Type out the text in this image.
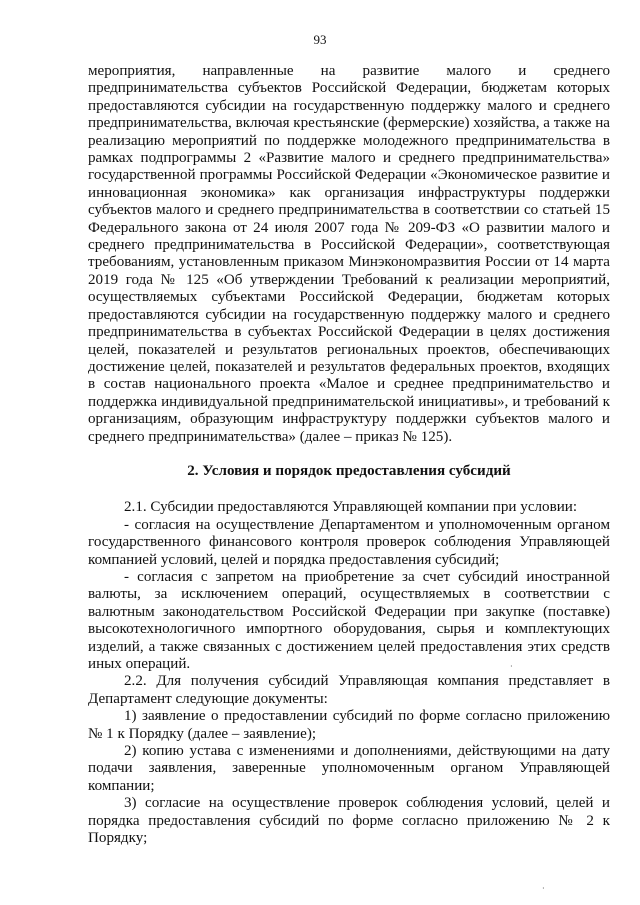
93

мероприятия, направленные на развитие малого и среднего предпринимательства субъектов Российской Федерации, бюджетам которых предоставляются субсидии на государственную поддержку малого и среднего предпринимательства, включая крестьянские (фермерские) хозяйства, а также на реализацию мероприятий по поддержке молодежного предпринимательства в рамках подпрограммы 2 «Развитие малого и среднего предпринимательства» государственной программы Российской Федерации «Экономическое развитие и инновационная экономика» как организация инфраструктуры поддержки субъектов малого и среднего предпринимательства в соответствии со статьей 15 Федерального закона от 24 июля 2007 года № 209-ФЗ «О развитии малого и среднего предпринимательства в Российской Федерации», соответствующая требованиям, установленным приказом Минэкономразвития России от 14 марта 2019 года № 125 «Об утверждении Требований к реализации мероприятий, осуществляемых субъектами Российской Федерации, бюджетам которых предоставляются субсидии на государственную поддержку малого и среднего предпринимательства в субъектах Российской Федерации в целях достижения целей, показателей и результатов региональных проектов, обеспечивающих достижение целей, показателей и результатов федеральных проектов, входящих в состав национального проекта «Малое и среднее предпринимательство и поддержка индивидуальной предпринимательской инициативы», и требований к организациям, образующим инфраструктуру поддержки субъектов малого и среднего предпринимательства» (далее – приказ № 125).

2. Условия и порядок предоставления субсидий

2.1. Субсидии предоставляются Управляющей компании при условии:

- согласия на осуществление Департаментом и уполномоченным органом государственного финансового контроля проверок соблюдения Управляющей компанией условий, целей и порядка предоставления субсидий;

- согласия с запретом на приобретение за счет субсидий иностранной валюты, за исключением операций, осуществляемых в соответствии с валютным законодательством Российской Федерации при закупке (поставке) высокотехнологичного импортного оборудования, сырья и комплектующих изделий, а также связанных с достижением целей предоставления этих средств иных операций.

2.2. Для получения субсидий Управляющая компания представляет в Департамент следующие документы:

1) заявление о предоставлении субсидий по форме согласно приложению № 1 к Порядку (далее – заявление);

2) копию устава с изменениями и дополнениями, действующими на дату подачи заявления, заверенные уполномоченным органом Управляющей компании;

3) согласие на осуществление проверок соблюдения условий, целей и порядка предоставления субсидий по форме согласно приложению № 2 к Порядку;

·
·
